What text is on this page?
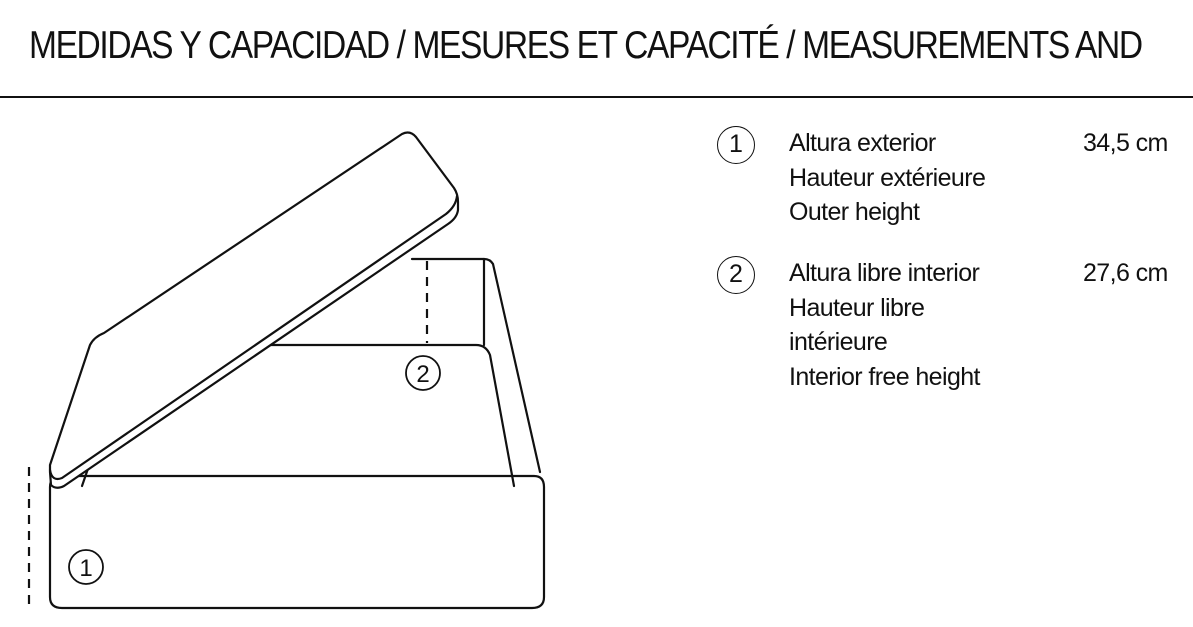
MEDIDAS Y CAPACIDAD / MESURES ET CAPACITÉ / MEASUREMENTS AND
1
2
1	Altura exterior
Hauteur extérieure
Outer height
34,5 cm
2	Altura libre interior
Hauteur libre
intérieure
Interior free height
27,6 cm
